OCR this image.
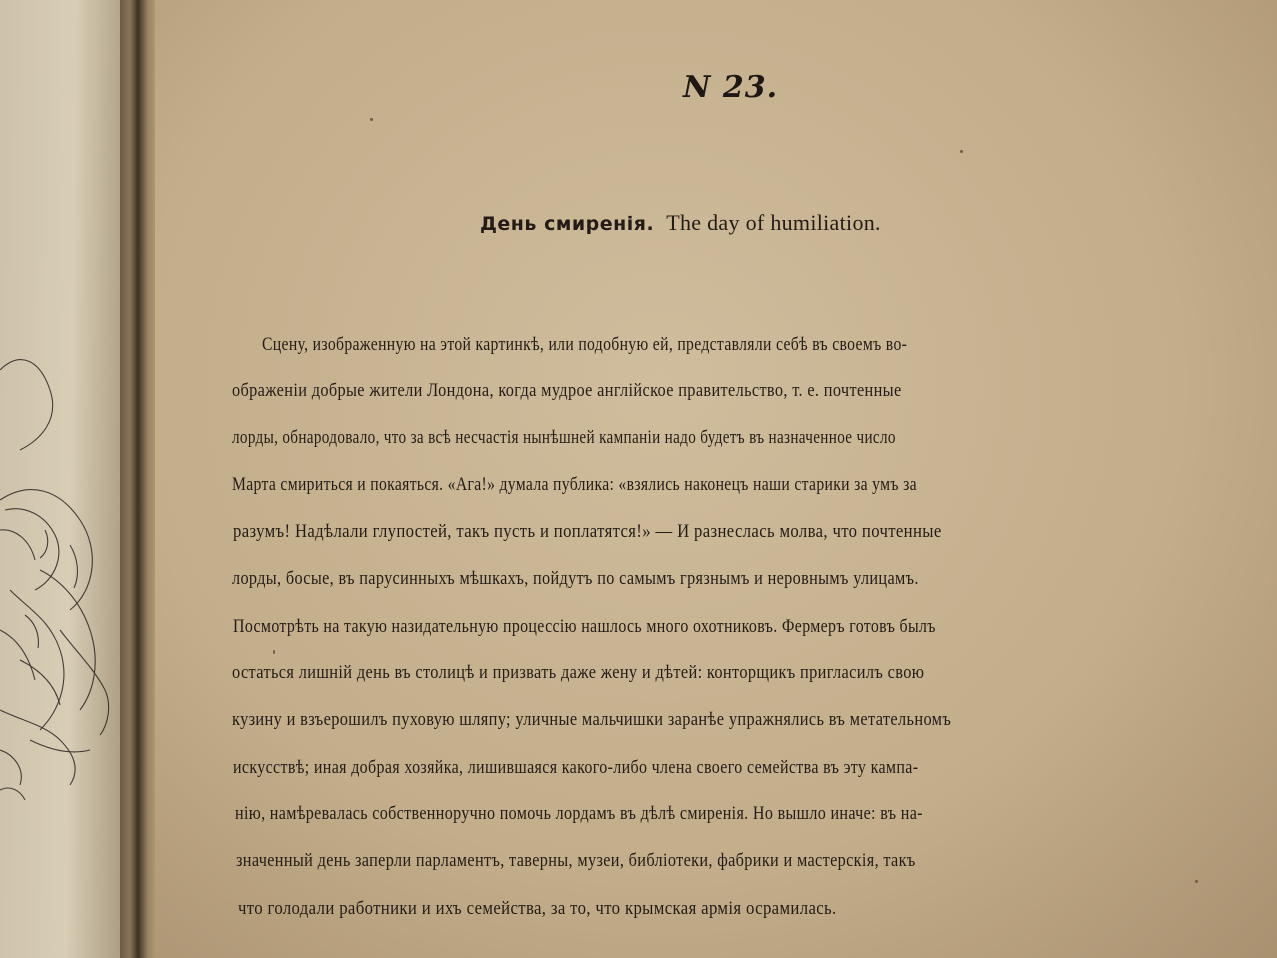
N 23.
День смиренія. The day of humiliation.
Сцену, изображенную на этой картинкѣ, или подобную ей, представляли себѣ въ своемъ во-
ображеніи добрые жители Лондона, когда мудрое англійское правительство, т. е. почтенные
лорды, обнародовало, что за всѣ несчастія нынѣшней кампаніи надо будетъ въ назначенное число
Марта смириться и покаяться. «Ага!» думала публика: «взялись наконецъ наши старики за умъ за
разумъ! Надѣлали глупостей, такъ пусть и поплатятся!» — И разнеслась молва, что почтенные
лорды, босые, въ парусинныхъ мѣшкахъ, пойдутъ по самымъ грязнымъ и неровнымъ улицамъ.
Посмотрѣть на такую назидательную процессію нашлось много охотниковъ. Фермеръ готовъ былъ
остаться лишній день въ столицѣ и призвать даже жену и дѣтей: конторщикъ пригласилъ свою
кузину и взъерошилъ пуховую шляпу; уличные мальчишки заранѣе упражнялись въ метательномъ
искусствѣ; иная добрая хозяйка, лишившаяся какого-либо члена своего семейства въ эту кампа-
нію, намѣревалась собственноручно помочь лордамъ въ дѣлѣ смиренія. Но вышло иначе: въ на-
значенный день заперли парламентъ, таверны, музеи, библіотеки, фабрики и мастерскія, такъ
что голодали работники и ихъ семейства, за то, что крымская армія осрамилась.
